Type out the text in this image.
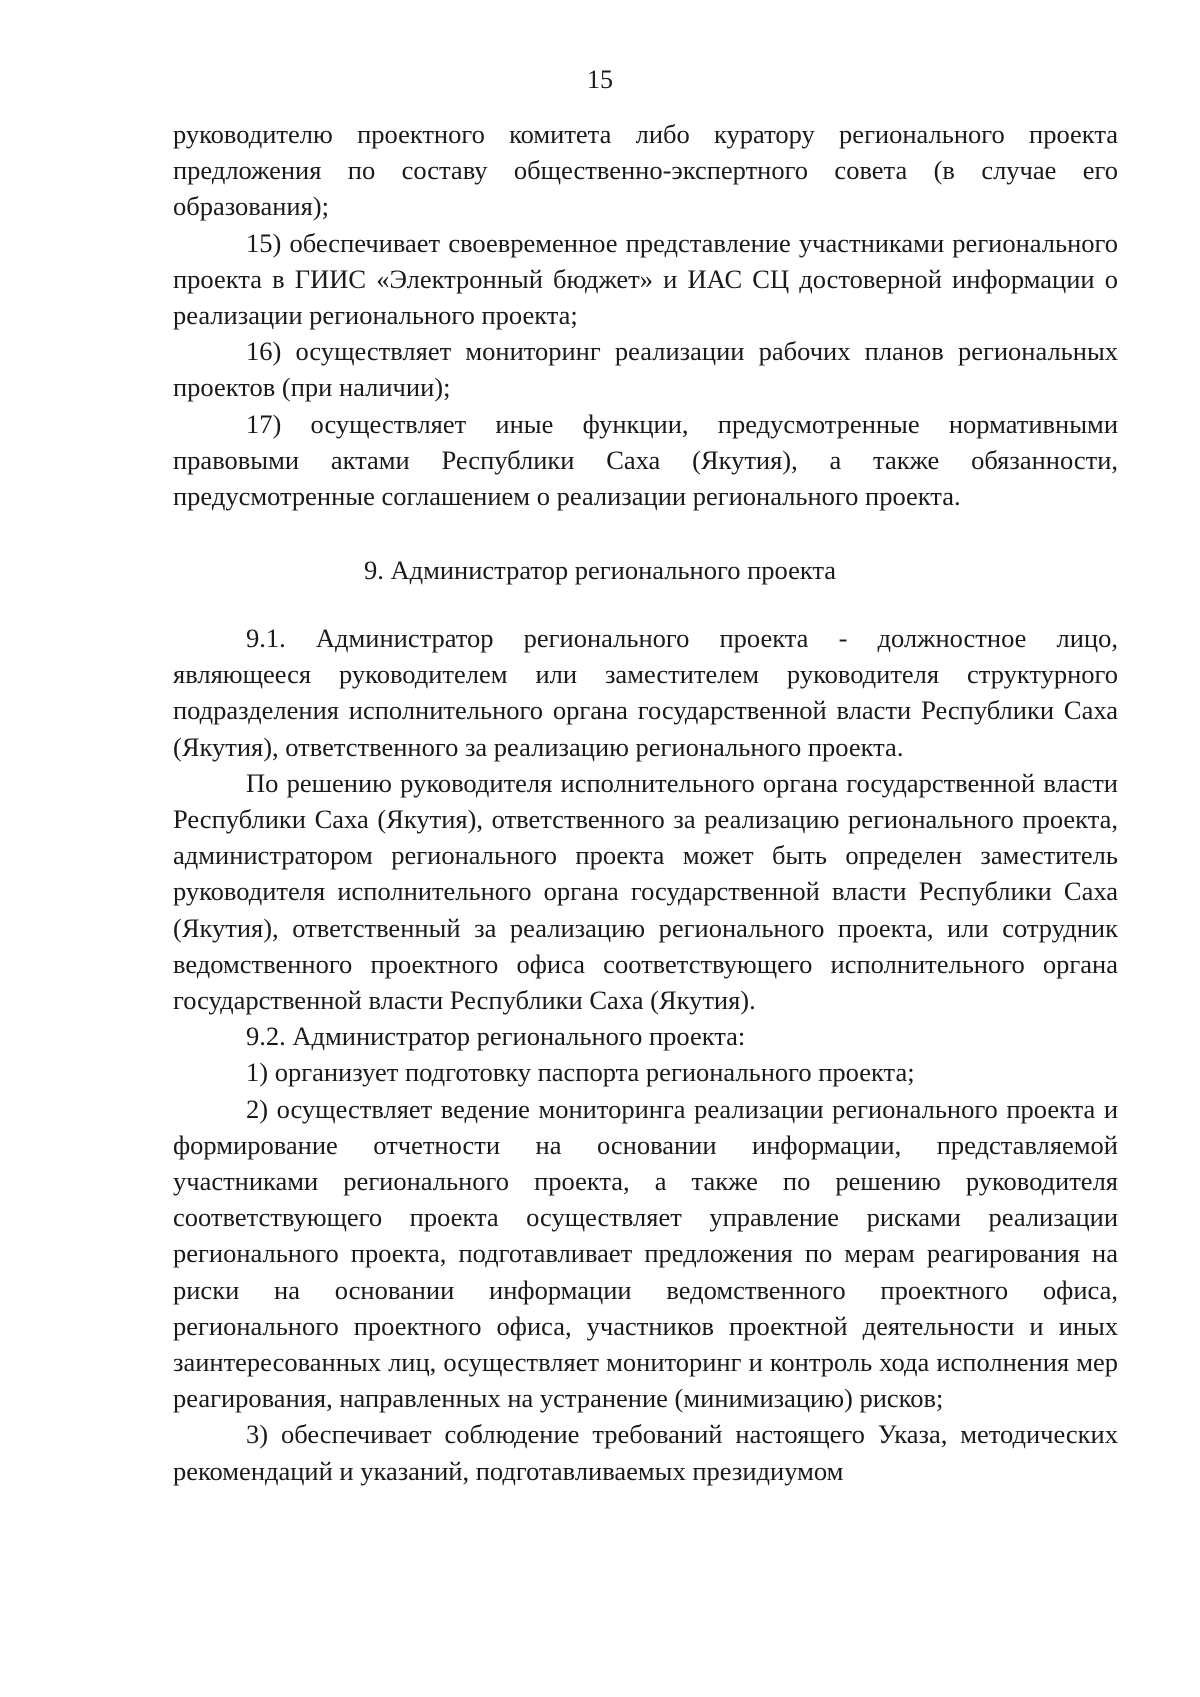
15

руководителю проектного комитета либо куратору регионального проекта предложения по составу общественно-экспертного совета (в случае его образования);

15) обеспечивает своевременное представление участниками регионального проекта в ГИИС «Электронный бюджет» и ИАС СЦ достоверной информации о реализации регионального проекта;

16) осуществляет мониторинг реализации рабочих планов региональных проектов (при наличии);

17) осуществляет иные функции, предусмотренные нормативными правовыми актами Республики Саха (Якутия), а также обязанности, предусмотренные соглашением о реализации регионального проекта.

9. Администратор регионального проекта

9.1. Администратор регионального проекта - должностное лицо, являющееся руководителем или заместителем руководителя структурного подразделения исполнительного органа государственной власти Республики Саха (Якутия), ответственного за реализацию регионального проекта.

По решению руководителя исполнительного органа государственной власти Республики Саха (Якутия), ответственного за реализацию регионального проекта, администратором регионального проекта может быть определен заместитель руководителя исполнительного органа государственной власти Республики Саха (Якутия), ответственный за реализацию регионального проекта, или сотрудник ведомственного проектного офиса соответствующего исполнительного органа государственной власти Республики Саха (Якутия).

9.2. Администратор регионального проекта:

1) организует подготовку паспорта регионального проекта;

2) осуществляет ведение мониторинга реализации регионального проекта и формирование отчетности на основании информации, представляемой участниками регионального проекта, а также по решению руководителя соответствующего проекта осуществляет управление рисками реализации регионального проекта, подготавливает предложения по мерам реагирования на риски на основании информации ведомственного проектного офиса, регионального проектного офиса, участников проектной деятельности и иных заинтересованных лиц, осуществляет мониторинг и контроль хода исполнения мер реагирования, направленных на устранение (минимизацию) рисков;

3) обеспечивает соблюдение требований настоящего Указа, методических рекомендаций и указаний, подготавливаемых президиумом
